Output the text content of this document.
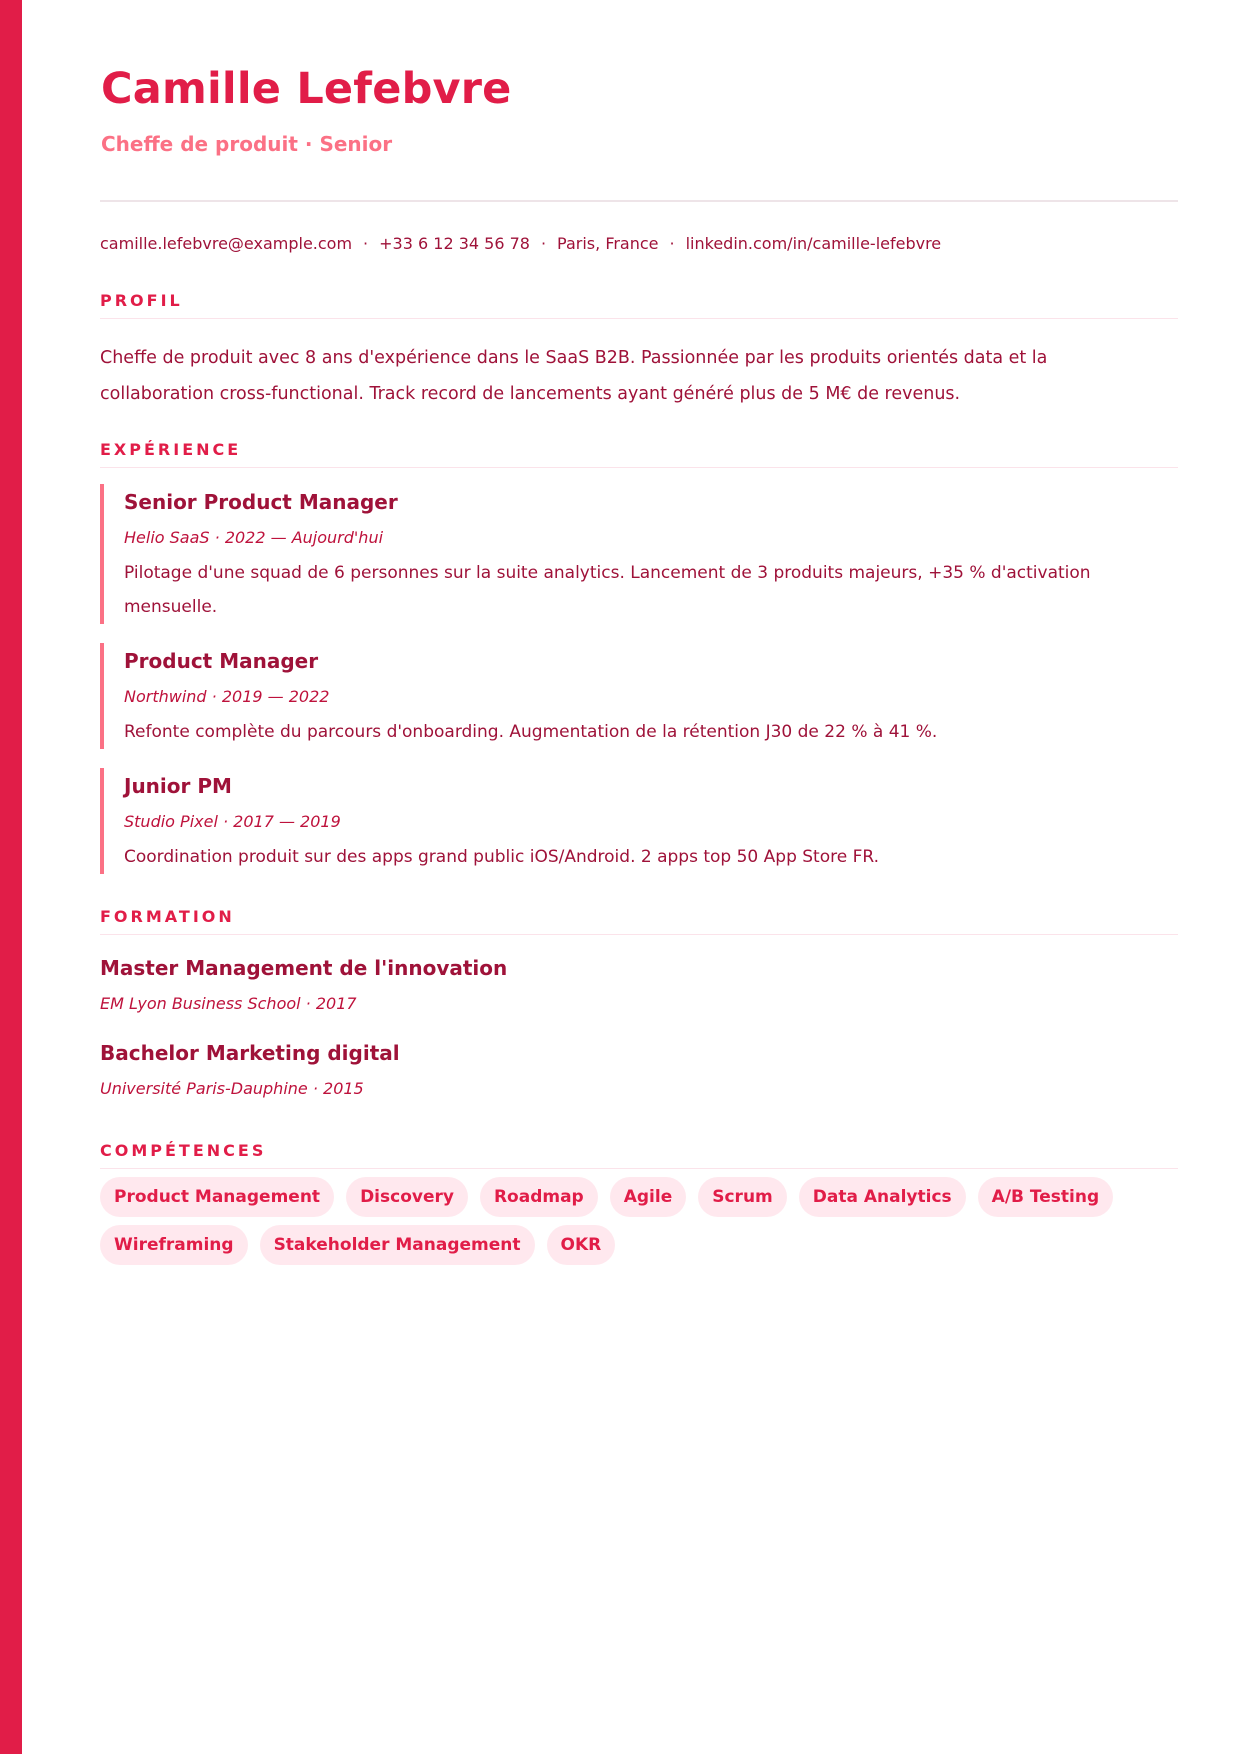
Camille Lefebvre
Cheffe de produit · Senior
camille.lefebvre@example.com · +33 6 12 34 56 78 · Paris, France · linkedin.com/in/camille-lefebvre
PROFIL
Cheffe de produit avec 8 ans d'expérience dans le SaaS B2B. Passionnée par les produits orientés data et la collaboration cross-functional. Track record de lancements ayant généré plus de 5 M€ de revenus.
EXPÉRIENCE
Senior Product Manager
Helio SaaS · 2022 — Aujourd'hui
Pilotage d'une squad de 6 personnes sur la suite analytics. Lancement de 3 produits majeurs, +35 % d'activation mensuelle.
Product Manager
Northwind · 2019 — 2022
Refonte complète du parcours d'onboarding. Augmentation de la rétention J30 de 22 % à 41 %.
Junior PM
Studio Pixel · 2017 — 2019
Coordination produit sur des apps grand public iOS/Android. 2 apps top 50 App Store FR.
FORMATION
Master Management de l'innovation
EM Lyon Business School · 2017
Bachelor Marketing digital
Université Paris-Dauphine · 2015
COMPÉTENCES
Product Management	Discovery	Roadmap	Agile	Scrum	Data Analytics	A/B Testing
Wireframing	Stakeholder Management	OKR
